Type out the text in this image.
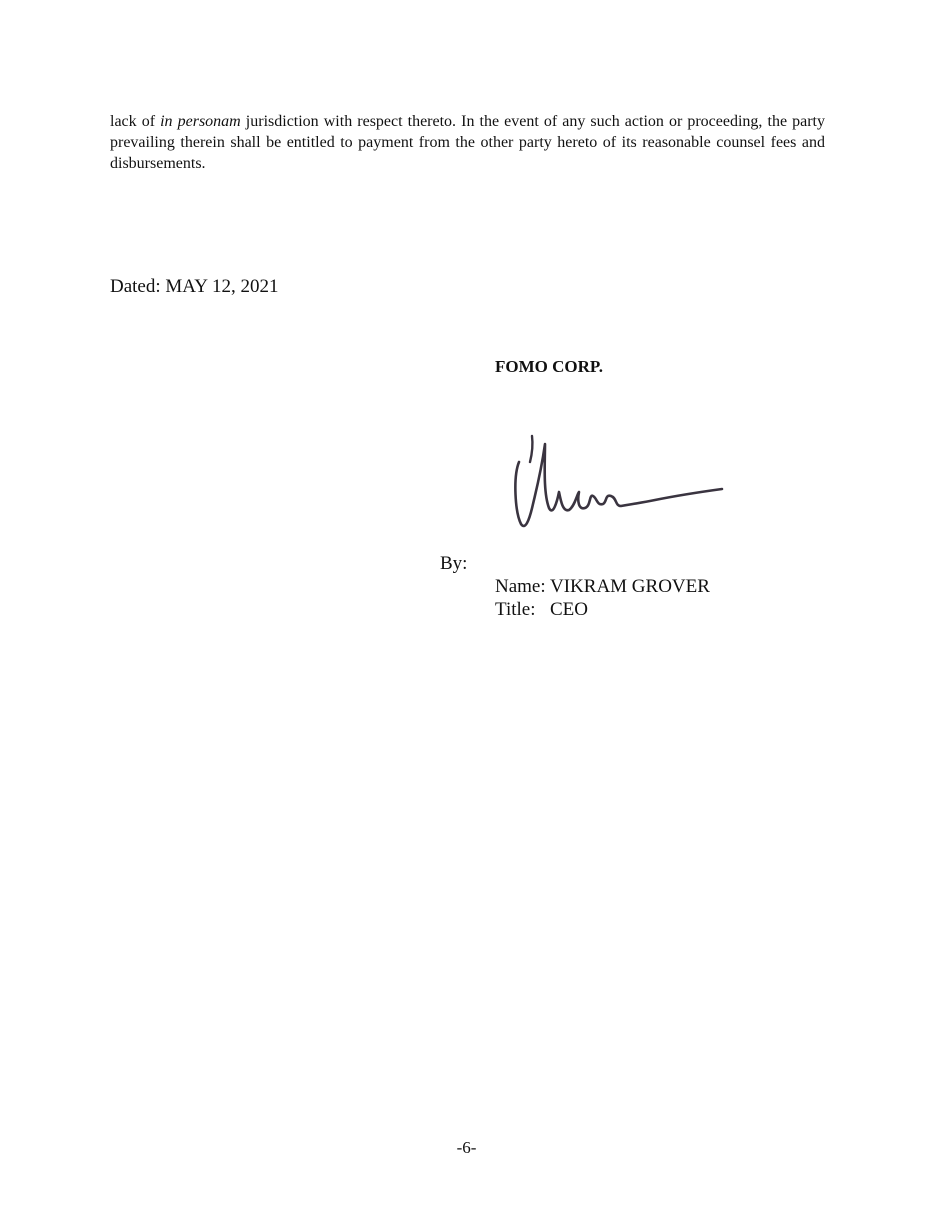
lack of in personam jurisdiction with respect thereto. In the event of any such action or proceeding, the party prevailing therein shall be entitled to payment from the other party hereto of its reasonable counsel fees and disbursements.

Dated: MAY 12, 2021

FOMO CORP.

By:

Name: VIKRAM GROVER
Title: CEO

-6-
